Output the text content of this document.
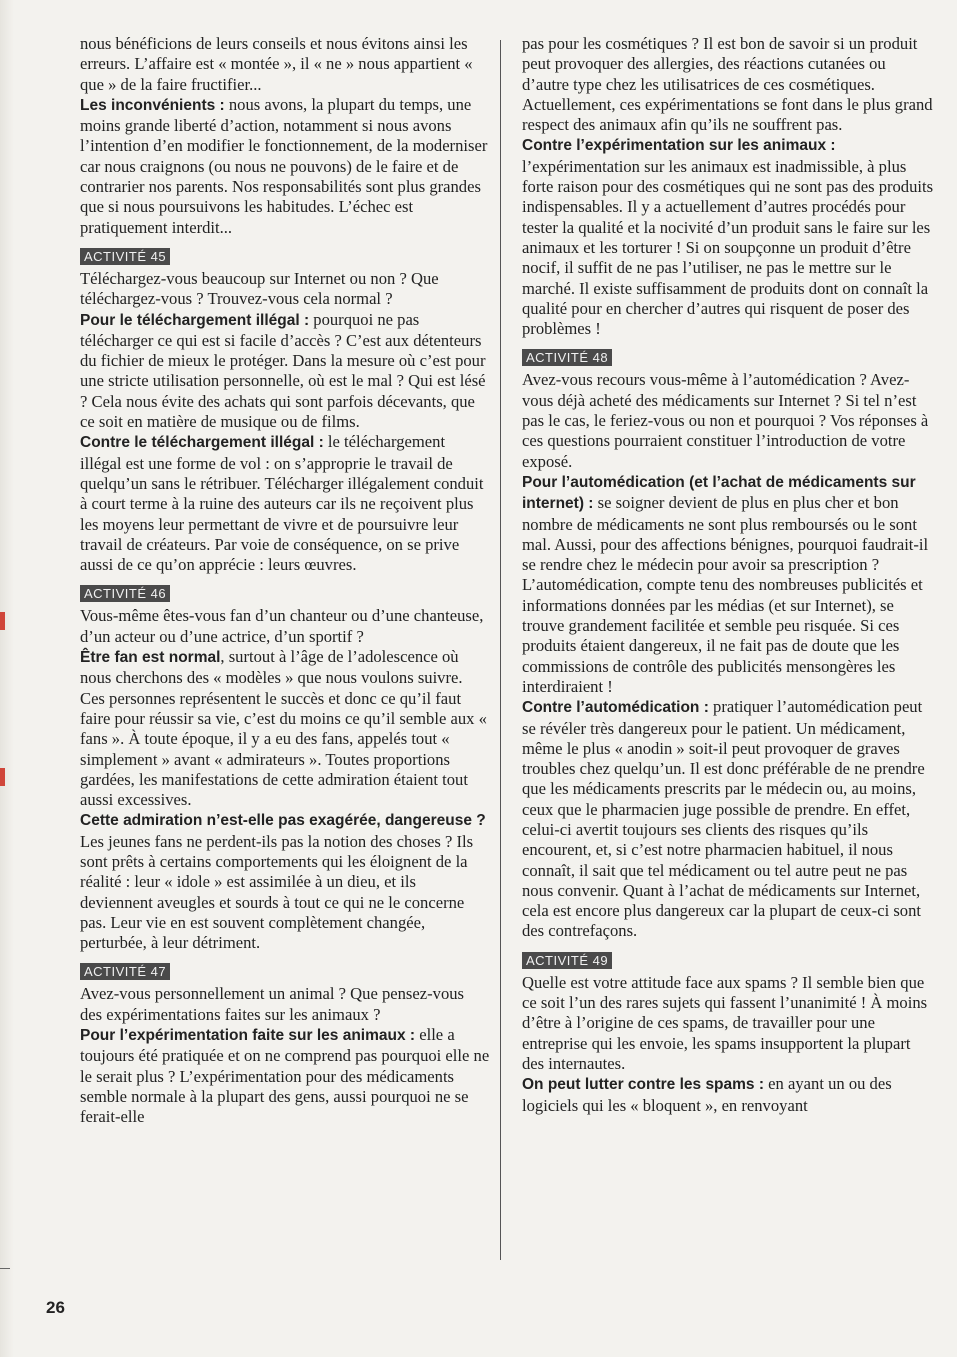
nous bénéficions de leurs conseils et nous évitons ainsi les erreurs. L’affaire est « montée », il « ne » nous appartient « que » de la faire fructifier...

Les inconvénients : nous avons, la plupart du temps, une moins grande liberté d’action, notamment si nous avons l’intention d’en modifier le fonctionnement, de la moderniser car nous craignons (ou nous ne pouvons) de le faire et de contrarier nos parents. Nos responsabilités sont plus grandes que si nous poursuivons les habitudes. L’échec est pratiquement interdit...

ACTIVITÉ 45

Téléchargez-vous beaucoup sur Internet ou non ? Que téléchargez-vous ? Trouvez-vous cela normal ?

Pour le téléchargement illégal : pourquoi ne pas télécharger ce qui est si facile d’accès ? C’est aux détenteurs du fichier de mieux le protéger. Dans la mesure où c’est pour une stricte utilisation personnelle, où est le mal ? Qui est lésé ? Cela nous évite des achats qui sont parfois décevants, que ce soit en matière de musique ou de films.

Contre le téléchargement illégal : le téléchargement illégal est une forme de vol : on s’approprie le travail de quelqu’un sans le rétribuer. Télécharger illégalement conduit à court terme à la ruine des auteurs car ils ne reçoivent plus les moyens leur permettant de vivre et de poursuivre leur travail de créateurs. Par voie de conséquence, on se prive aussi de ce qu’on apprécie : leurs œuvres.

ACTIVITÉ 46

Vous-même êtes-vous fan d’un chanteur ou d’une chanteuse, d’un acteur ou d’une actrice, d’un sportif ?

Être fan est normal, surtout à l’âge de l’adolescence où nous cherchons des « modèles » que nous voulons suivre. Ces personnes représentent le succès et donc ce qu’il faut faire pour réussir sa vie, c’est du moins ce qu’il semble aux « fans ». À toute époque, il y a eu des fans, appelés tout « simplement » avant « admirateurs ». Toutes proportions gardées, les manifestations de cette admiration étaient tout aussi excessives.

Cette admiration n’est-elle pas exagérée, dangereuse ? Les jeunes fans ne perdent-ils pas la notion des choses ? Ils sont prêts à certains comportements qui les éloignent de la réalité : leur « idole » est assimilée à un dieu, et ils deviennent aveugles et sourds à tout ce qui ne le concerne pas. Leur vie en est souvent complètement changée, perturbée, à leur détriment.

ACTIVITÉ 47

Avez-vous personnellement un animal ? Que pensez-vous des expérimentations faites sur les animaux ?

Pour l’expérimentation faite sur les animaux : elle a toujours été pratiquée et on ne comprend pas pourquoi elle ne le serait plus ? L’expérimentation pour des médicaments semble normale à la plupart des gens, aussi pourquoi ne se ferait-elle

pas pour les cosmétiques ? Il est bon de savoir si un produit peut provoquer des allergies, des réactions cutanées ou d’autre type chez les utilisatrices de ces cosmétiques. Actuellement, ces expérimentations se font dans le plus grand respect des animaux afin qu’ils ne souffrent pas.

Contre l’expérimentation sur les animaux : l’expérimentation sur les animaux est inadmissible, à plus forte raison pour des cosmétiques qui ne sont pas des produits indispensables. Il y a actuellement d’autres procédés pour tester la qualité et la nocivité d’un produit sans le faire sur les animaux et les torturer ! Si on soupçonne un produit d’être nocif, il suffit de ne pas l’utiliser, ne pas le mettre sur le marché. Il existe suffisamment de produits dont on connaît la qualité pour en chercher d’autres qui risquent de poser des problèmes !

ACTIVITÉ 48

Avez-vous recours vous-même à l’automédication ? Avez-vous déjà acheté des médicaments sur Internet ? Si tel n’est pas le cas, le feriez-vous ou non et pourquoi ? Vos réponses à ces questions pourraient constituer l’introduction de votre exposé.

Pour l’automédication (et l’achat de médicaments sur internet) : se soigner devient de plus en plus cher et bon nombre de médicaments ne sont plus remboursés ou le sont mal. Aussi, pour des affections bénignes, pourquoi faudrait-il se rendre chez le médecin pour avoir sa prescription ? L’automédication, compte tenu des nombreuses publicités et informations données par les médias (et sur Internet), se trouve grandement facilitée et semble peu risquée. Si ces produits étaient dangereux, il ne fait pas de doute que les commissions de contrôle des publicités mensongères les interdiraient !

Contre l’automédication : pratiquer l’automédication peut se révéler très dangereux pour le patient. Un médicament, même le plus « anodin » soit-il peut provoquer de graves troubles chez quelqu’un. Il est donc préférable de ne prendre que les médicaments prescrits par le médecin ou, au moins, ceux que le pharmacien juge possible de prendre. En effet, celui-ci avertit toujours ses clients des risques qu’ils encourent, et, si c’est notre pharmacien habituel, il nous connaît, il sait que tel médicament ou tel autre peut ne pas nous convenir. Quant à l’achat de médicaments sur Internet, cela est encore plus dangereux car la plupart de ceux-ci sont des contrefaçons.

ACTIVITÉ 49

Quelle est votre attitude face aux spams ? Il semble bien que ce soit l’un des rares sujets qui fassent l’unanimité ! À moins d’être à l’origine de ces spams, de travailler pour une entreprise qui les envoie, les spams insupportent la plupart des internautes.

On peut lutter contre les spams : en ayant un ou des logiciels qui les « bloquent », en renvoyant

26
